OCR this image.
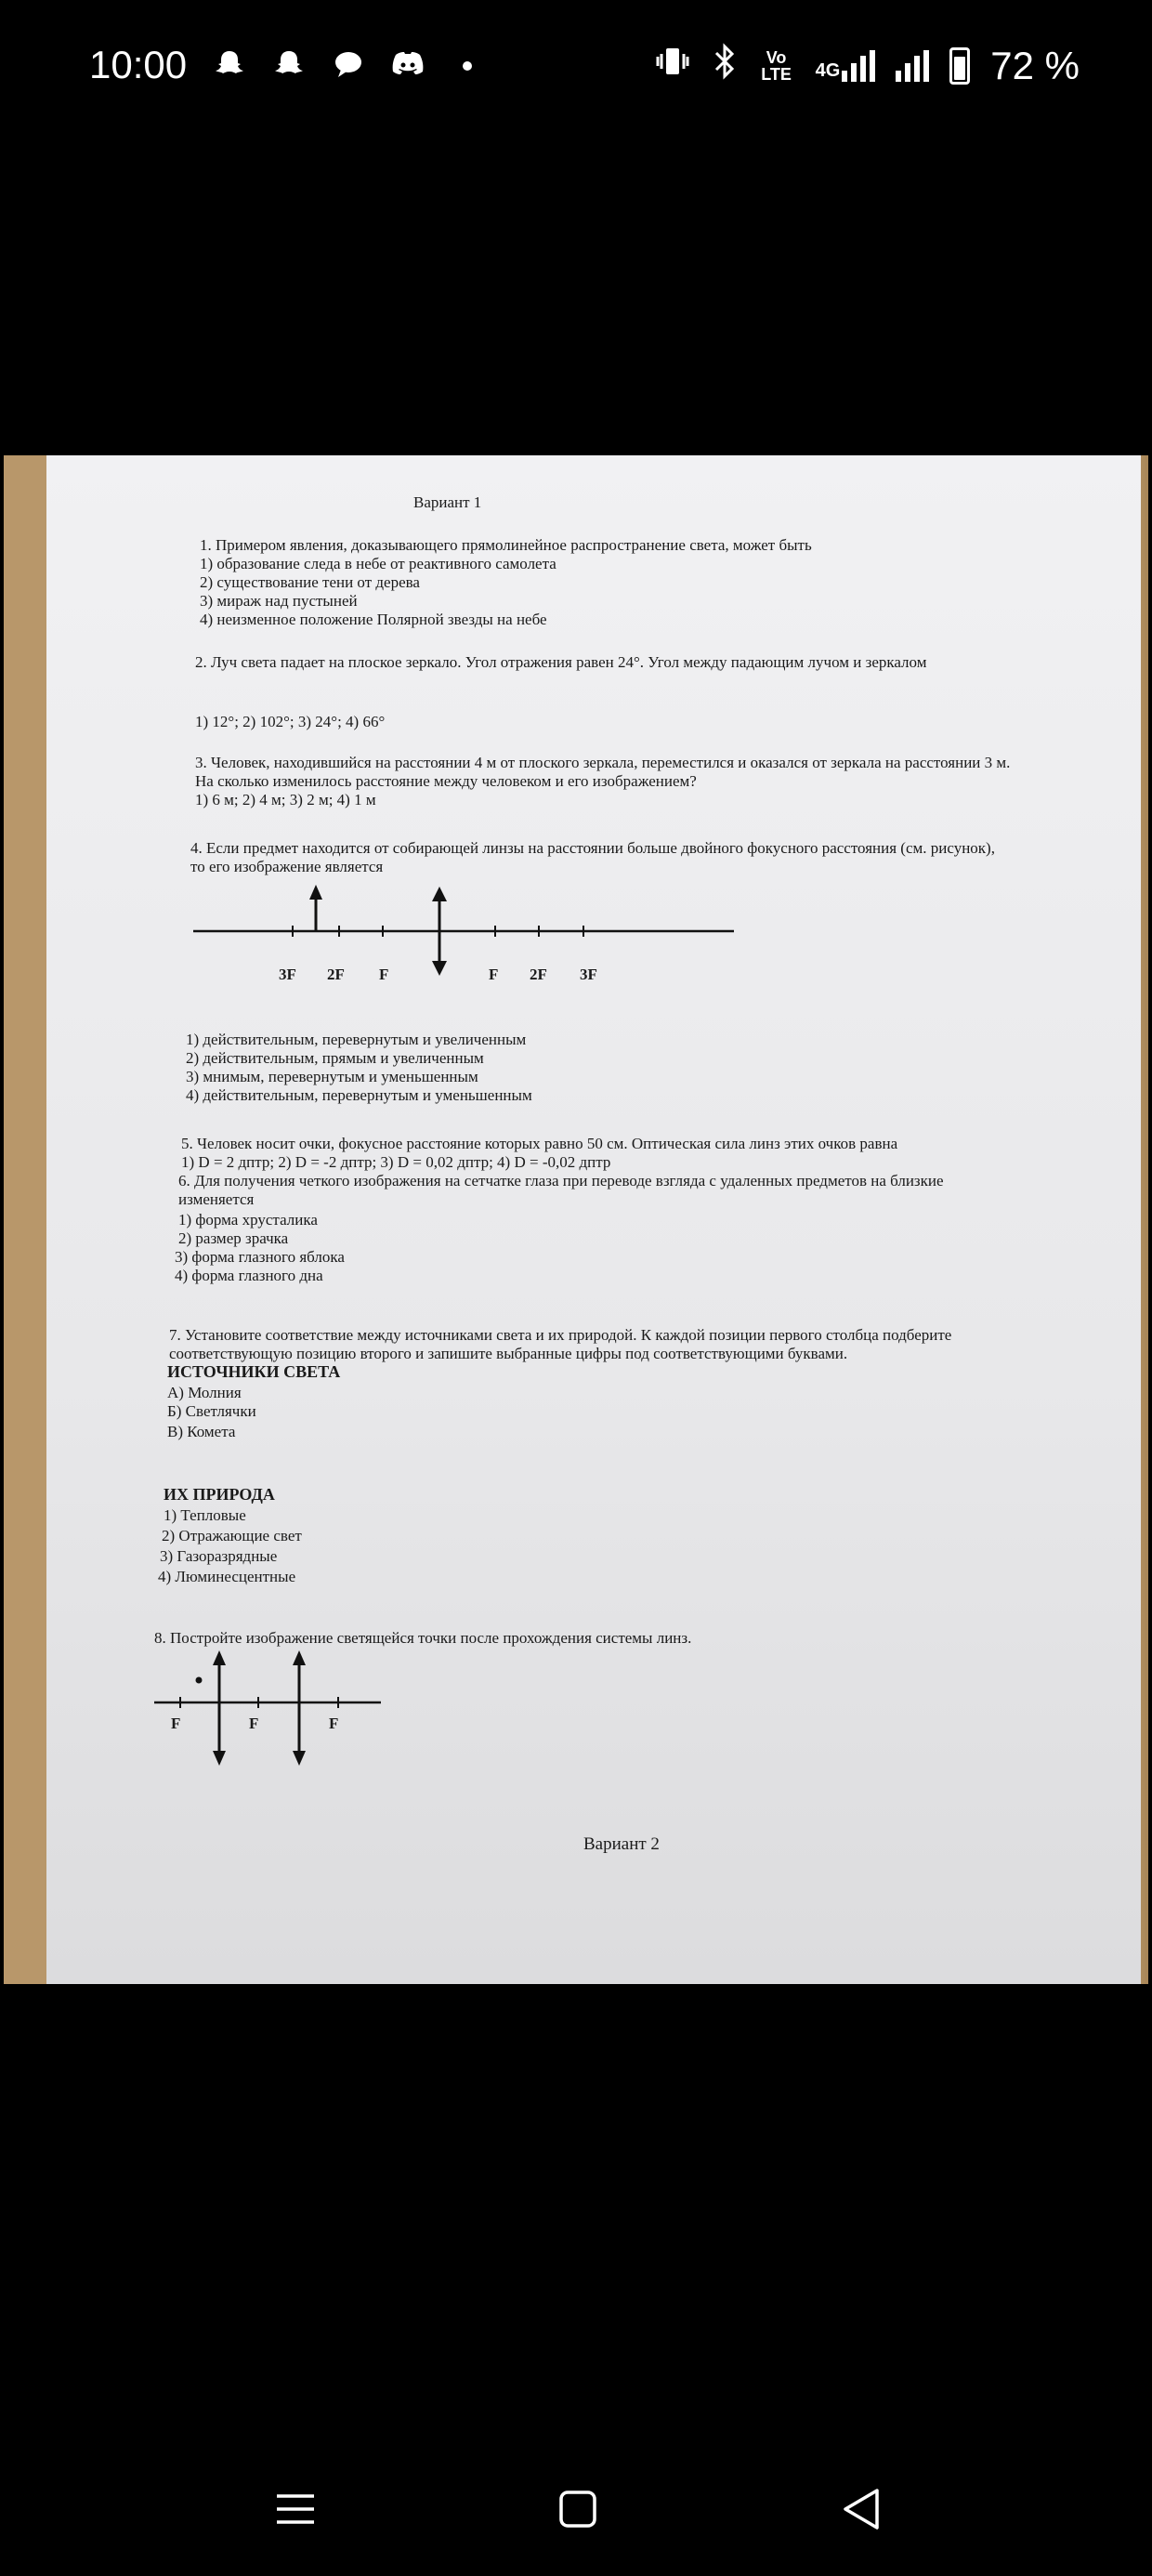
10:00	Vo LTE 4G	72 %
Вариант 1
1. Примером явления, доказывающего прямолинейное распространение света, может быть
1) образование следа в небе от реактивного самолета
2) существование тени от дерева
3) мираж над пустыней
4) неизменное положение Полярной звезды на небе
2. Луч света падает на плоское зеркало. Угол отражения равен 24°. Угол между падающим лучом и зеркалом
1) 12°; 2) 102°; 3) 24°; 4) 66°
3. Человек, находившийся на расстоянии 4 м от плоского зеркала, переместился и оказался от зеркала на расстоянии 3 м.
На сколько изменилось расстояние между человеком и его изображением?
1) 6 м; 2) 4 м; 3) 2 м; 4) 1 м
4. Если предмет находится от собирающей линзы на расстоянии больше двойного фокусного расстояния (см. рисунок),
то его изображение является
3F 2F F	F 2F 3F
1) действительным, перевернутым и увеличенным
2) действительным, прямым и увеличенным
3) мнимым, перевернутым и уменьшенным
4) действительным, перевернутым и уменьшенным
5. Человек носит очки, фокусное расстояние которых равно 50 см. Оптическая сила линз этих очков равна
1) D = 2 дптр; 2) D = -2 дптр; 3) D = 0,02 дптр; 4) D = -0,02 дптр
6. Для получения четкого изображения на сетчатке глаза при переводе взгляда с удаленных предметов на близкие
изменяется
1) форма хрусталика
2) размер зрачка
3) форма глазного яблока
4) форма глазного дна
7. Установите соответствие между источниками света и их природой. К каждой позиции первого столбца подберите
соответствующую позицию второго и запишите выбранные цифры под соответствующими буквами.
ИСТОЧНИКИ СВЕТА
А) Молния
Б) Светлячки
В) Комета
ИХ ПРИРОДА
1) Тепловые
2) Отражающие свет
3) Газоразрядные
4) Люминесцентные
8. Постройте изображение светящейся точки после прохождения системы линз.
F	F	F
Вариант 2
